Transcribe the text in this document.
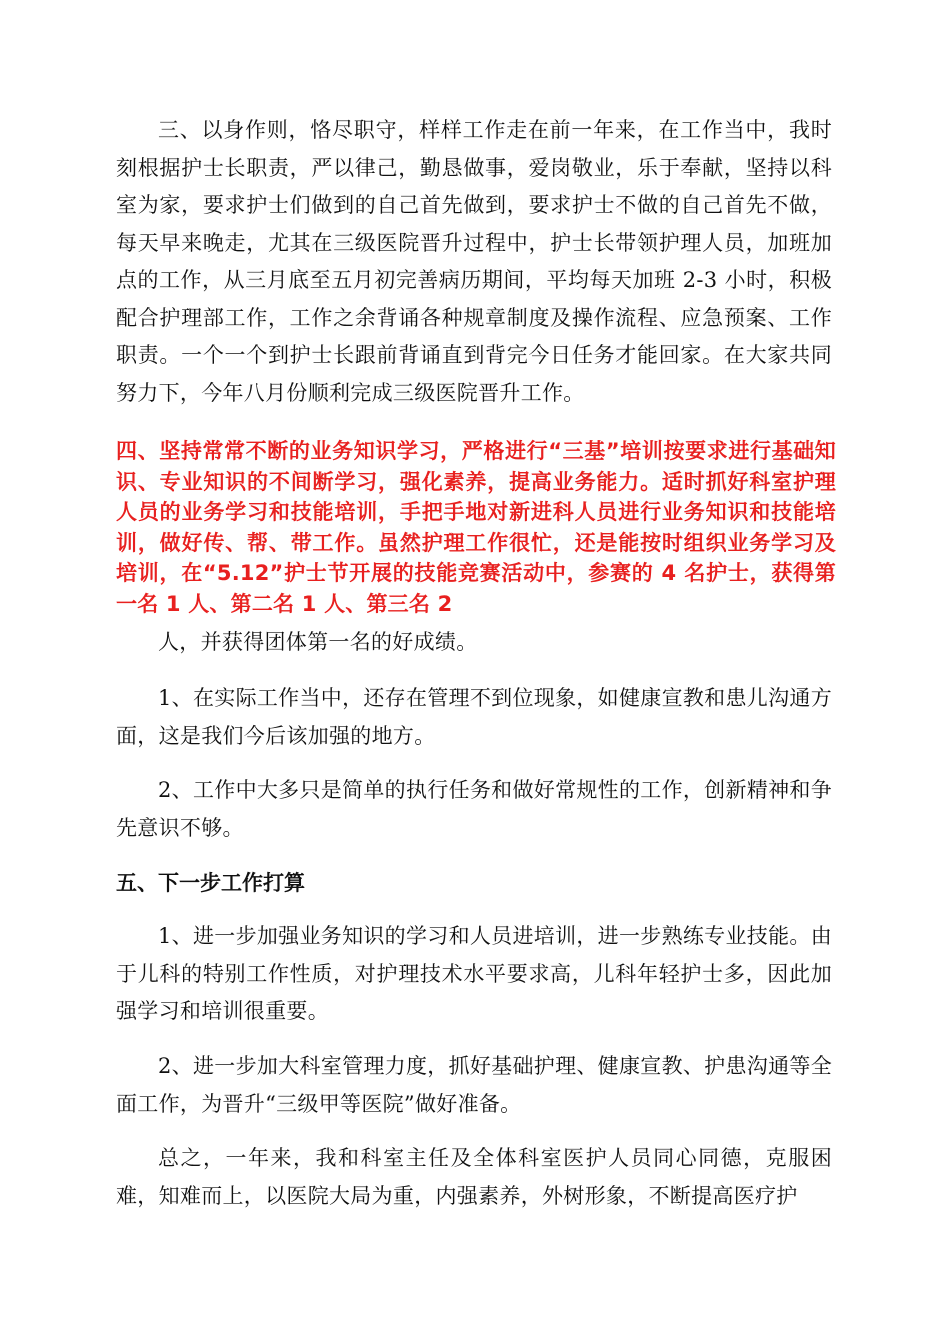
三、以身作则，恪尽职守，样样工作走在前一年来，在工作当中，我时刻根据护士长职责，严以律己，勤恳做事，爱岗敬业，乐于奉献，坚持以科室为家，要求护士们做到的自己首先做到，要求护士不做的自己首先不做，每天早来晚走，尤其在三级医院晋升过程中，护士长带领护理人员，加班加点的工作，从三月底至五月初完善病历期间，平均每天加班 2-3 小时，积极配合护理部工作，工作之余背诵各种规章制度及操作流程、应急预案、工作职责。一个一个到护士长跟前背诵直到背完今日任务才能回家。在大家共同努力下，今年八月份顺利完成三级医院晋升工作。

四、坚持常常不断的业务知识学习，严格进行“三基”培训按要求进行基础知识、专业知识的不间断学习，强化素养，提高业务能力。适时抓好科室护理人员的业务学习和技能培训，手把手地对新进科人员进行业务知识和技能培训，做好传、帮、带工作。虽然护理工作很忙，还是能按时组织业务学习及培训，在“5.12”护士节开展的技能竞赛活动中，参赛的 4 名护士，获得第一名 1 人、第二名 1 人、第三名 2

人，并获得团体第一名的好成绩。

1、在实际工作当中，还存在管理不到位现象，如健康宣教和患儿沟通方面，这是我们今后该加强的地方。

2、工作中大多只是简单的执行任务和做好常规性的工作，创新精神和争先意识不够。

五、下一步工作打算

1、进一步加强业务知识的学习和人员进培训，进一步熟练专业技能。由于儿科的特别工作性质，对护理技术水平要求高，儿科年轻护士多，因此加强学习和培训很重要。

2、进一步加大科室管理力度，抓好基础护理、健康宣教、护患沟通等全面工作，为晋升“三级甲等医院”做好准备。

总之，一年来，我和科室主任及全体科室医护人员同心同德，克服困难，知难而上，以医院大局为重，内强素养，外树形象，不断提高医疗护
